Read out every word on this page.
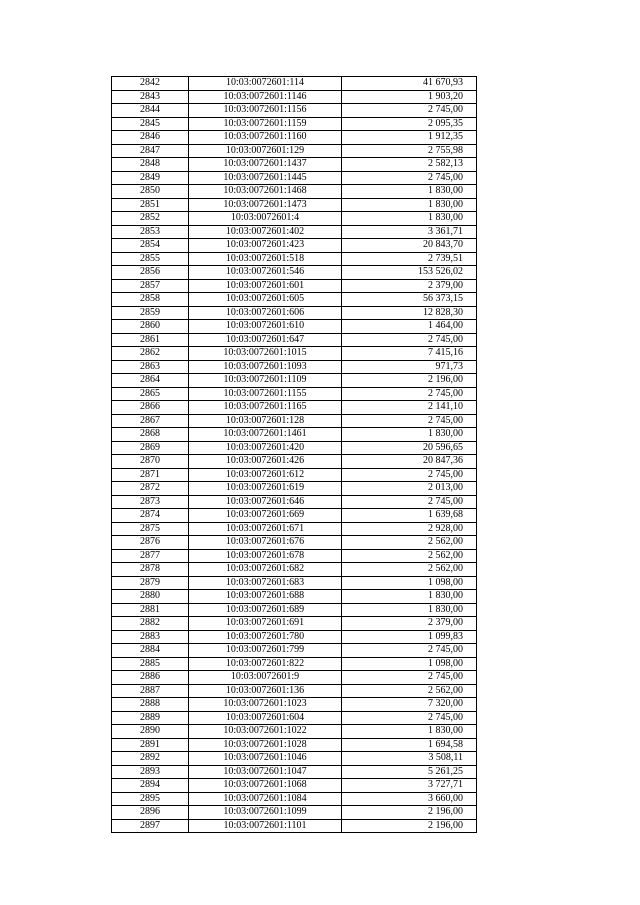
2842	10:03:0072601:114	41 670,93
2843	10:03:0072601:1146	1 903,20
2844	10:03:0072601:1156	2 745,00
2845	10:03:0072601:1159	2 095,35
2846	10:03:0072601:1160	1 912,35
2847	10:03:0072601:129	2 755,98
2848	10:03:0072601:1437	2 582,13
2849	10:03:0072601:1445	2 745,00
2850	10:03:0072601:1468	1 830,00
2851	10:03:0072601:1473	1 830,00
2852	10:03:0072601:4	1 830,00
2853	10:03:0072601:402	3 361,71
2854	10:03:0072601:423	20 843,70
2855	10:03:0072601:518	2 739,51
2856	10:03:0072601:546	153 526,02
2857	10:03:0072601:601	2 379,00
2858	10:03:0072601:605	56 373,15
2859	10:03:0072601:606	12 828,30
2860	10:03:0072601:610	1 464,00
2861	10:03:0072601:647	2 745,00
2862	10:03:0072601:1015	7 415,16
2863	10:03:0072601:1093	971,73
2864	10:03:0072601:1109	2 196,00
2865	10:03:0072601:1155	2 745,00
2866	10:03:0072601:1165	2 141,10
2867	10:03:0072601:128	2 745,00
2868	10:03:0072601:1461	1 830,00
2869	10:03:0072601:420	20 596,65
2870	10:03:0072601:426	20 847,36
2871	10:03:0072601:612	2 745,00
2872	10:03:0072601:619	2 013,00
2873	10:03:0072601:646	2 745,00
2874	10:03:0072601:669	1 639,68
2875	10:03:0072601:671	2 928,00
2876	10:03:0072601:676	2 562,00
2877	10:03:0072601:678	2 562,00
2878	10:03:0072601:682	2 562,00
2879	10:03:0072601:683	1 098,00
2880	10:03:0072601:688	1 830,00
2881	10:03:0072601:689	1 830,00
2882	10:03:0072601:691	2 379,00
2883	10:03:0072601:780	1 099,83
2884	10:03:0072601:799	2 745,00
2885	10:03:0072601:822	1 098,00
2886	10:03:0072601:9	2 745,00
2887	10:03:0072601:136	2 562,00
2888	10:03:0072601:1023	7 320,00
2889	10:03:0072601:604	2 745,00
2890	10:03:0072601:1022	1 830,00
2891	10:03:0072601:1028	1 694,58
2892	10:03:0072601:1046	3 508,11
2893	10:03:0072601:1047	5 261,25
2894	10:03:0072601:1068	3 727,71
2895	10:03:0072601:1084	3 660,00
2896	10:03:0072601:1099	2 196,00
2897	10:03:0072601:1101	2 196,00
